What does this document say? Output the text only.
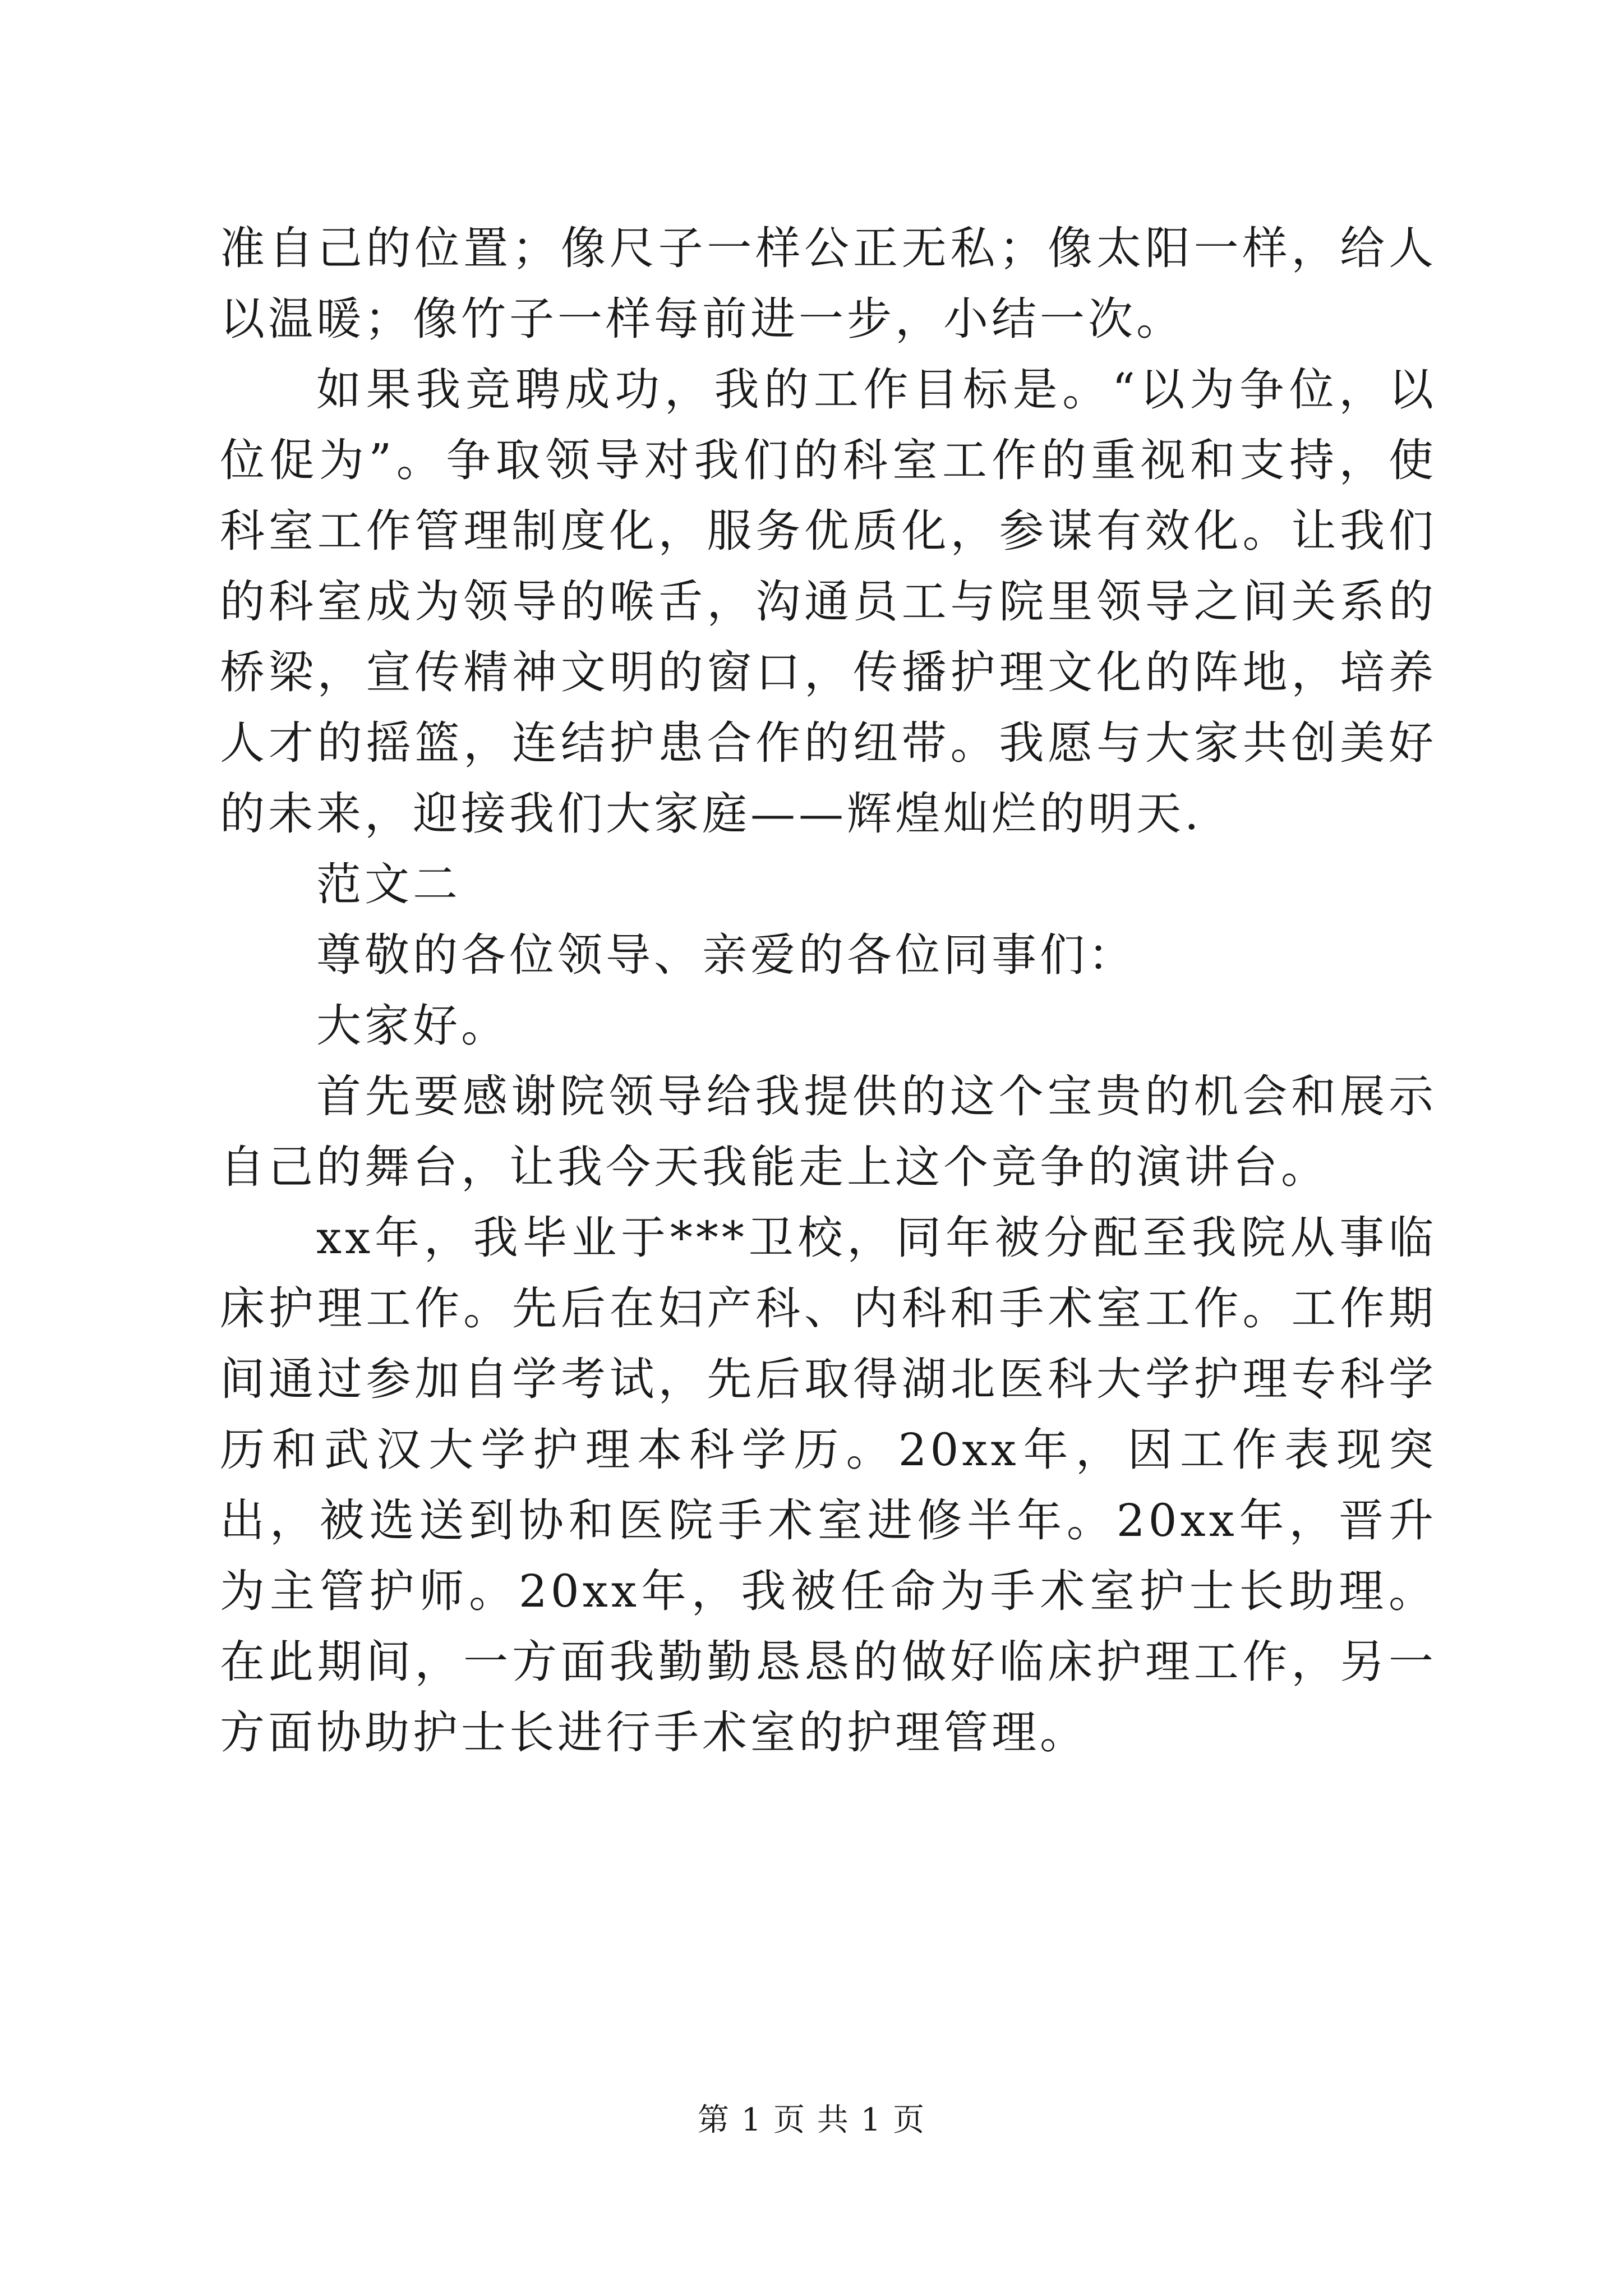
准自己的位置；像尺子一样公正无私；像太阳一样，给人以温暖；像竹子一样每前进一步，小结一次。

如果我竞聘成功，我的工作目标是。“以为争位，以位促为”。争取领导对我们的科室工作的重视和支持，使科室工作管理制度化，服务优质化，参谋有效化。让我们的科室成为领导的喉舌，沟通员工与院里领导之间关系的桥梁，宣传精神文明的窗口，传播护理文化的阵地，培养人才的摇篮，连结护患合作的纽带。我愿与大家共创美好的未来，迎接我们大家庭——辉煌灿烂的明天.

范文二

尊敬的各位领导、亲爱的各位同事们：

大家好。

首先要感谢院领导给我提供的这个宝贵的机会和展示自己的舞台，让我今天我能走上这个竞争的演讲台。

xx年，我毕业于***卫校，同年被分配至我院从事临床护理工作。先后在妇产科、内科和手术室工作。工作期间通过参加自学考试，先后取得湖北医科大学护理专科学历和武汉大学护理本科学历。20xx年，因工作表现突出，被选送到协和医院手术室进修半年。20xx年，晋升为主管护师。20xx年，我被任命为手术室护士长助理。在此期间，一方面我勤勤恳恳的做好临床护理工作，另一方面协助护士长进行手术室的护理管理。

第 1 页 共 1 页
